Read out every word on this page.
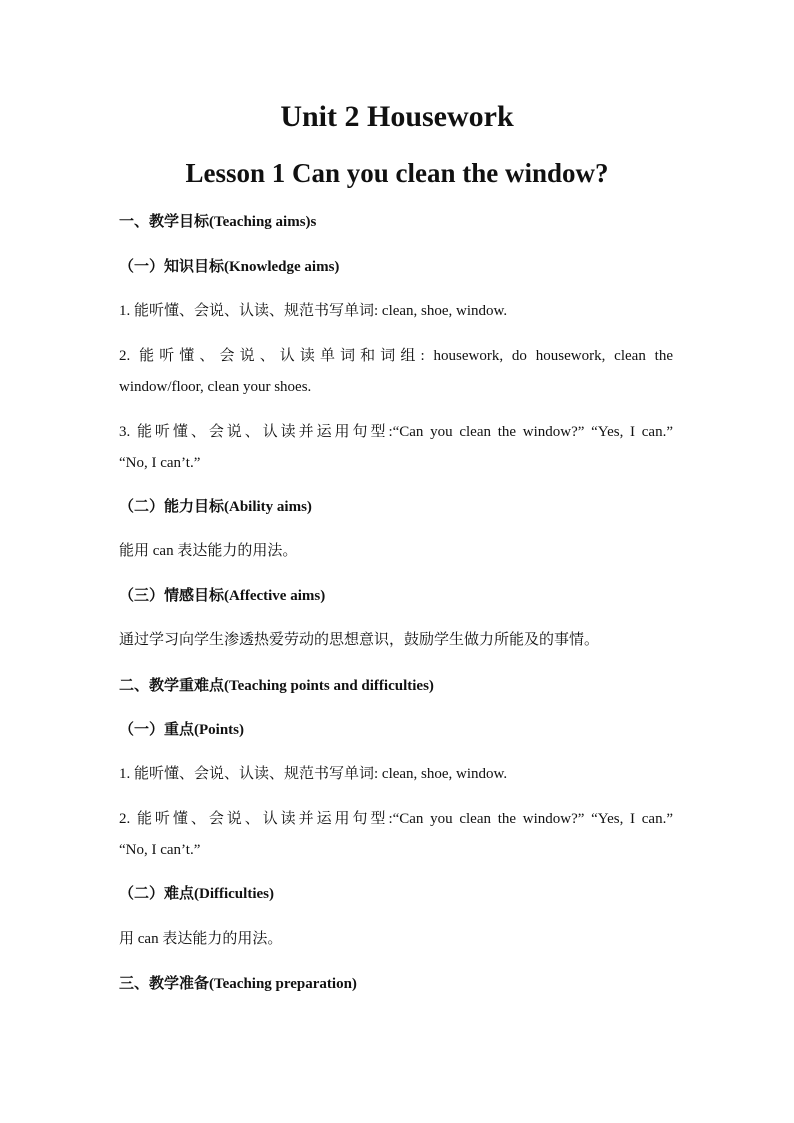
Unit 2 Housework
Lesson 1 Can you clean the window?

一、教学目标(Teaching aims)s

（一）知识目标(Knowledge aims)

1. 能听懂、会说、认读、规范书写单词: clean, shoe, window.

2. 能听懂、会说、认读单词和词组: housework, do housework, clean the

window/floor, clean your shoes.

3. 能听懂、会说、认读并运用句型:“Can you clean the window?” “Yes, I can.”

“No, I can’t.”

（二）能力目标(Ability aims)

能用 can 表达能力的用法。

（三）情感目标(Affective aims)

通过学习向学生渗透热爱劳动的思想意识，鼓励学生做力所能及的事情。

二、教学重难点(Teaching points and difficulties)

（一）重点(Points)

1. 能听懂、会说、认读、规范书写单词: clean, shoe, window.

2. 能听懂、会说、认读并运用句型:“Can you clean the window?” “Yes, I can.”

“No, I can’t.”

（二）难点(Difficulties)

用 can 表达能力的用法。

三、教学准备(Teaching preparation)
